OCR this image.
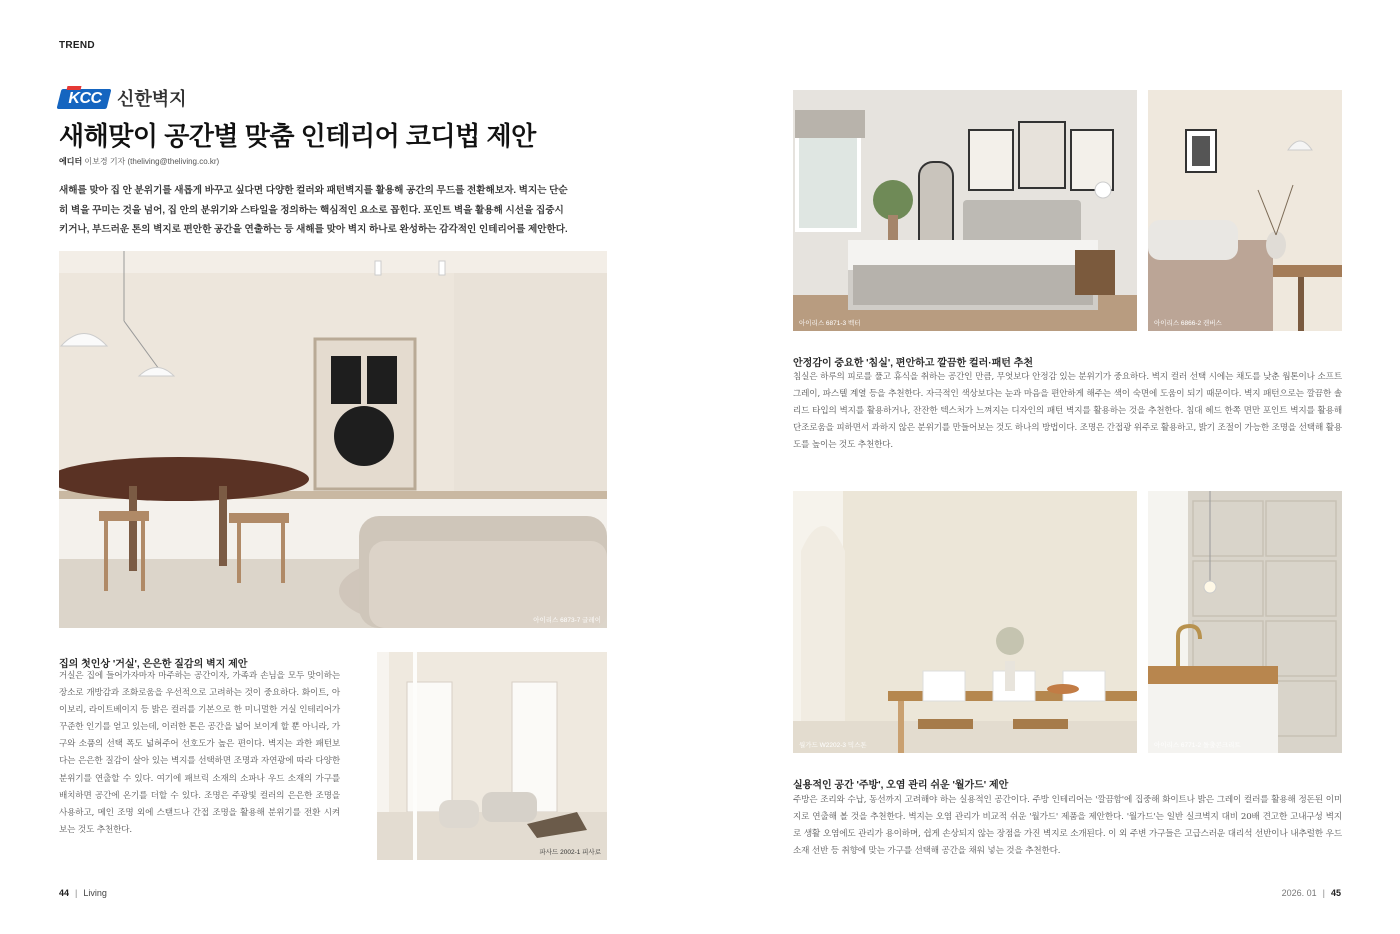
TREND
KCC 신한벽지
새해맞이 공간별 맞춤 인테리어 코디법 제안
에디터 이보경 기자 (theliving@theliving.co.kr)
새해를 맞아 집 안 분위기를 새롭게 바꾸고 싶다면 다양한 컬러와 패턴벽지를 활용해 공간의 무드를 전환해보자. 벽지는 단순히 벽을 꾸미는 것을 넘어, 집 안의 분위기와 스타일을 정의하는 핵심적인 요소로 꼽힌다. 포인트 벽을 활용해 시선을 집중시키거나, 부드러운 톤의 벽지로 편안한 공간을 연출하는 등 새해를 맞아 벽지 하나로 완성하는 감각적인 인테리어를 제안한다.
아이리스 6873-7 글레이
집의 첫인상 '거실', 은은한 질감의 벽지 제안
거실은 집에 들어가자마자 마주하는 공간이자, 가족과 손님을 모두 맞이하는 장소로 개방감과 조화로움을 우선적으로 고려하는 것이 중요하다. 화이트, 아이보리, 라이트베이지 등 밝은 컬러를 기본으로 한 미니멀한 거실 인테리어가 꾸준한 인기를 얻고 있는데, 이러한 톤은 공간을 넓어 보이게 할 뿐 아니라, 가구와 소품의 선택 폭도 넓혀주어 선호도가 높은 편이다. 벽지는 과한 패턴보다는 은은한 질감이 살아 있는 벽지를 선택하면 조명과 자연광에 따라 다양한 분위기를 연출할 수 있다. 여기에 패브릭 소재의 소파나 우드 소재의 가구를 배치하면 공간에 온기를 더할 수 있다. 조명은 주광빛 컬러의 은은한 조명을 사용하고, 메인 조명 외에 스탠드나 간접 조명을 활용해 분위기를 전환 시켜보는 것도 추천한다.
파사드 2002-1 피사로
44 | Living
아이리스 6871-3 벡터	아이리스 6866-2 캔버스
안정감이 중요한 '침실', 편안하고 깔끔한 컬러·패턴 추천
침실은 하루의 피로를 풀고 휴식을 취하는 공간인 만큼, 무엇보다 안정감 있는 분위기가 중요하다. 벽지 컬러 선택 시에는 채도를 낮춘 웜톤이나 소프트그레이, 파스텔 계열 등을 추천한다. 자극적인 색상보다는 눈과 마음을 편안하게 해주는 색이 숙면에 도움이 되기 때문이다. 벽지 패턴으로는 깔끔한 솔리드 타입의 벽지를 활용하거나, 잔잔한 텍스처가 느껴지는 디자인의 패턴 벽지를 활용하는 것을 추천한다. 침대 헤드 한쪽 면만 포인트 벽지를 활용해 단조로움을 피하면서 과하지 않은 분위기를 만들어보는 것도 하나의 방법이다. 조명은 간접광 위주로 활용하고, 밝기 조절이 가능한 조명을 선택해 활용도를 높이는 것도 추천한다.
월가드 W2202-3 믹스톤	아이리스 6771-2 돌출콘크리트
실용적인 공간 '주방', 오염 관리 쉬운 '월가드' 제안
주방은 조리와 수납, 동선까지 고려해야 하는 실용적인 공간이다. 주방 인테리어는 '깔끔함'에 집중해 화이트나 밝은 그레이 컬러를 활용해 정돈된 이미지로 연출해 볼 것을 추천한다. 벽지는 오염 관리가 비교적 쉬운 '월가드' 제품을 제안한다. '월가드'는 일반 실크벽지 대비 20배 견고한 고내구성 벽지로 생활 오염에도 관리가 용이하며, 쉽게 손상되지 않는 장점을 가진 벽지로 소개된다. 이 외 주변 가구들은 고급스러운 대리석 선반이나 내추럴한 우드 소재 선반 등 취향에 맞는 가구를 선택해 공간을 채워 넣는 것을 추천한다.
2026. 01 | 45
